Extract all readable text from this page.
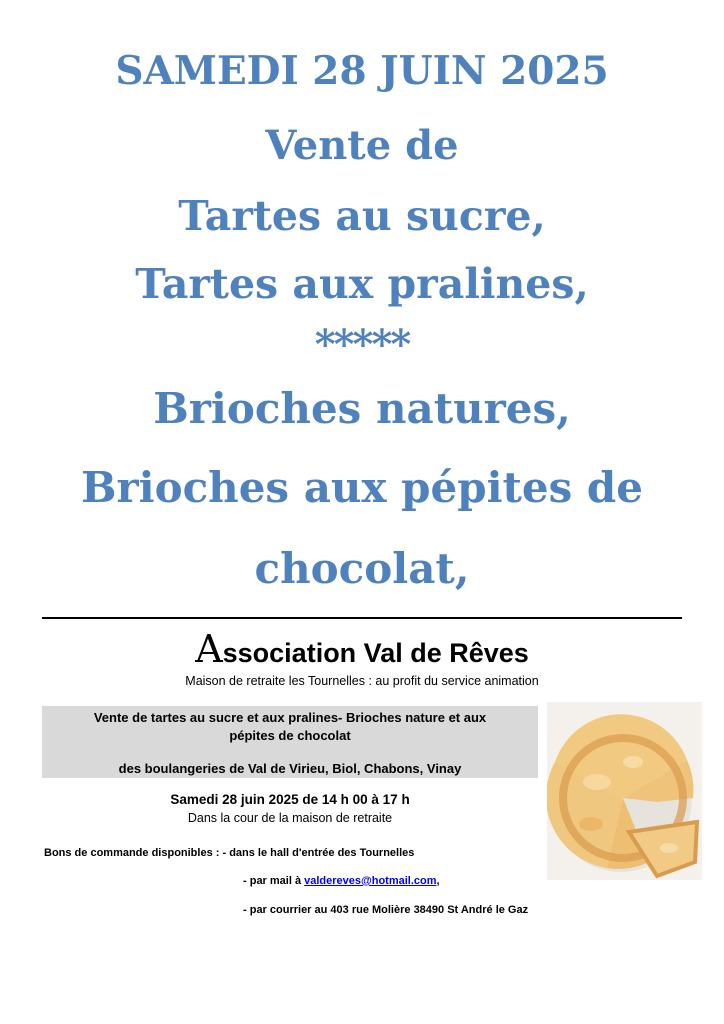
SAMEDI 28 JUIN 2025
Vente de
Tartes au sucre,
Tartes aux pralines,
*****
Brioches natures,
Brioches aux pépites de
chocolat,
Association Val de Rêves
Maison de retraite les Tournelles : au profit du service animation
Vente de tartes au sucre et aux pralines- Brioches nature et aux
pépites de chocolat
des boulangeries de Val de Virieu, Biol, Chabons, Vinay
Samedi 28 juin 2025 de 14 h 00 à 17 h
Dans la cour de la maison de retraite
Bons de commande disponibles : - dans le hall d'entrée des Tournelles
- par mail à valdereves@hotmail.com,
- par courrier au 403 rue Molière 38490 St André le Gaz
